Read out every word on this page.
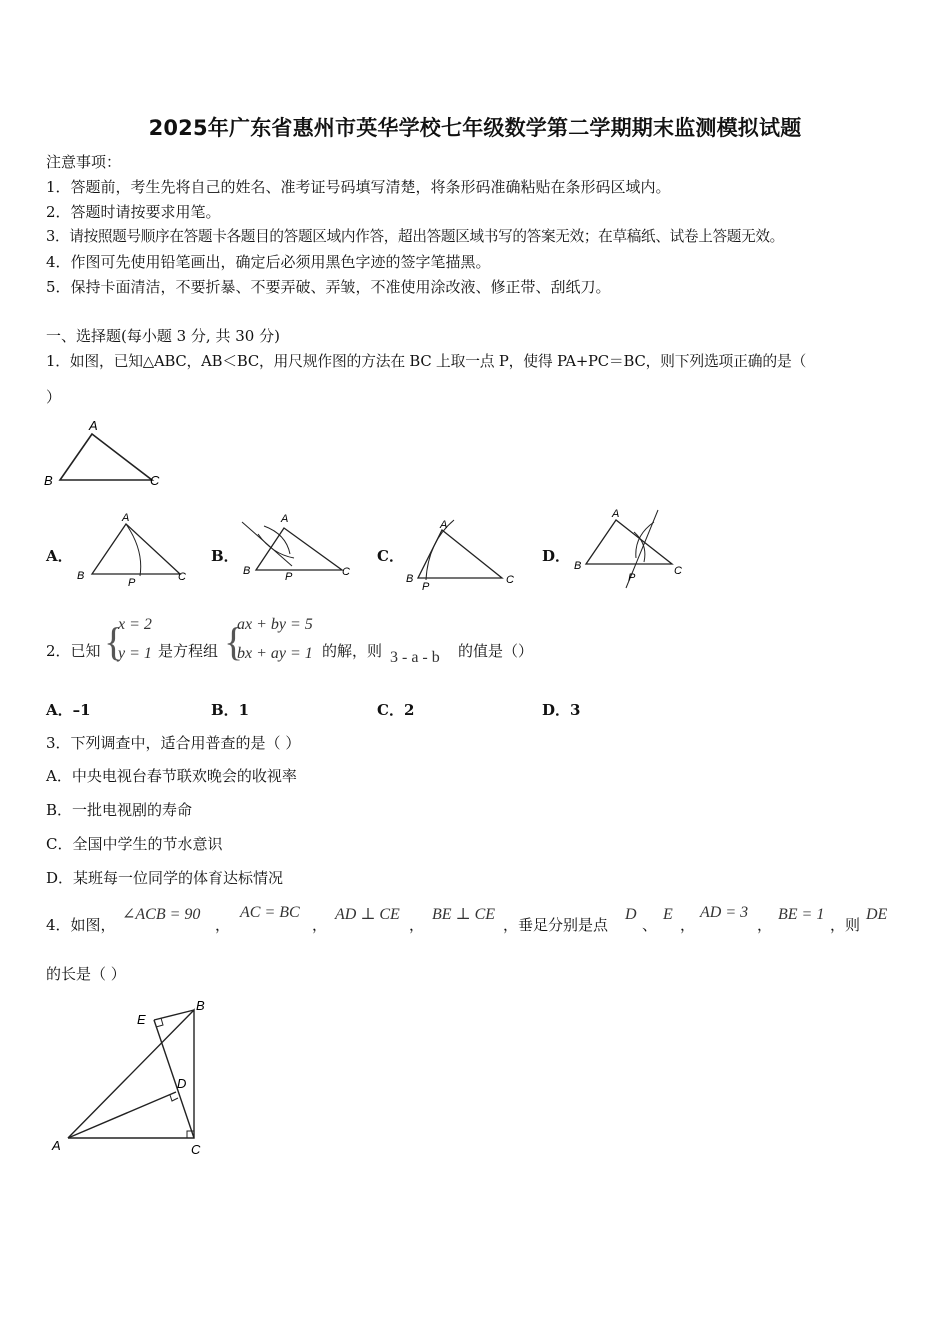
2025年广东省惠州市英华学校七年级数学第二学期期末监测模拟试题
注意事项：
1．答题前，考生先将自己的姓名、准考证号码填写清楚，将条形码准确粘贴在条形码区域内。
2．答题时请按要求用笔。
3．请按照题号顺序在答题卡各题目的答题区域内作答，超出答题区域书写的答案无效；在草稿纸、试卷上答题无效。
4．作图可先使用铅笔画出，确定后必须用黑色字迹的签字笔描黑。
5．保持卡面清洁，不要折暴、不要弄破、弄皱，不准使用涂改液、修正带、刮纸刀。
一、选择题(每小题 3 分, 共 30 分)
1．如图，已知△ABC，AB＜BC，用尺规作图的方法在 BC 上取一点 P，使得 PA+PC＝BC，则下列选项正确的是（
）
A
B	C
A．
A
B	C
P
B．
A
B	C
P
C．
A
B	C
P
D．
A
B	C
P
2．已知 {
x = 2
y = 1 是方程组 {
ax + by = 5
bx + ay = 1 的解，则 3 - a - b 的值是（）
A．–1	B．1	C．2	D．3
3．下列调查中，适合用普查的是（ ）
A．中央电视台春节联欢晚会的收视率
B．一批电视剧的寿命
C．全国中学生的节水意识
D．某班每一位同学的体育达标情况
4．如图，
∠ACB = 90
，
AC = BC
，
AD ⊥ CE
，
BE ⊥ CE
，垂足分别是点
D
、
E
，
AD = 3
，
BE = 1
，则
DE
的长是（ ）
A
B
C
D
E
